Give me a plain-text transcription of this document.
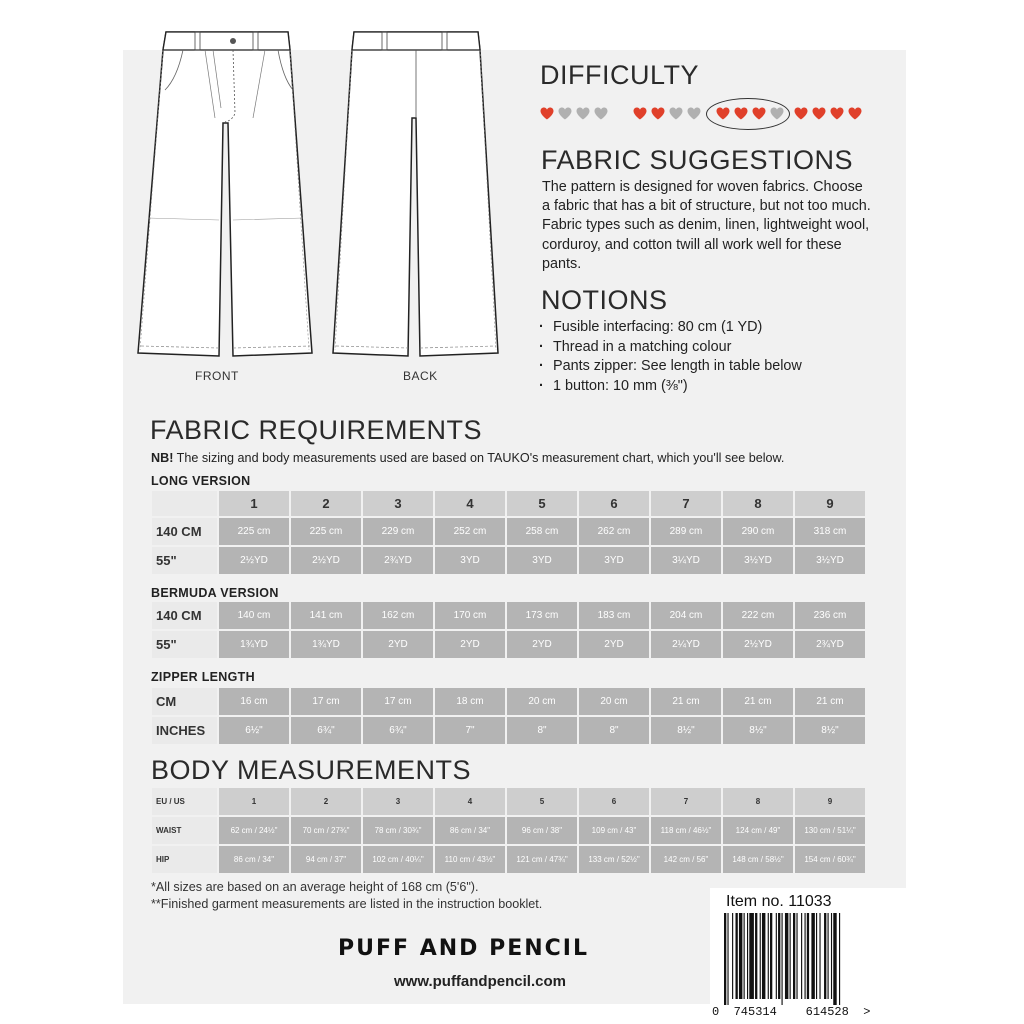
FRONT	BACK
DIFFICULTY
FABRIC SUGGESTIONS

The pattern is designed for woven fabrics. Choose a fabric that has a bit of structure, but not too much. Fabric types such as denim, linen, lightweight wool, corduroy, and cotton twill all work well for these pants.

NOTIONS
· Fusible interfacing: 80 cm (1 YD)
· Thread in a matching colour
· Pants zipper: See length in table below
· 1 button: 10 mm (⅜")
FABRIC REQUIREMENTS
NB! The sizing and body measurements used are based on TAUKO's measurement chart, which you'll see below.
LONG VERSION
	1	2	3	4	5	6	7	8	9
140 CM	225 cm	225 cm	229 cm	252 cm	258 cm	262 cm	289 cm	290 cm	318 cm
55"	2½YD	2½YD	2¾YD	3YD	3YD	3YD	3¼YD	3½YD	3½YD
BERMUDA VERSION
140 CM	140 cm	141 cm	162 cm	170 cm	173 cm	183 cm	204 cm	222 cm	236 cm
55"	1¾YD	1¾YD	2YD	2YD	2YD	2YD	2¼YD	2½YD	2¾YD
ZIPPER LENGTH
CM	16 cm	17 cm	17 cm	18 cm	20 cm	20 cm	21 cm	21 cm	21 cm
INCHES	6½"	6¾"	6¾"	7"	8"	8"	8½"	8½"	8½"
BODY MEASUREMENTS
EU / US	1	2	3	4	5	6	7	8	9
WAIST	62 cm / 24½"	70 cm / 27¾"	78 cm / 30¾"	86 cm / 34"	96 cm / 38"	109 cm / 43"	118 cm / 46½"	124 cm / 49"	130 cm / 51¼"
HIP	86 cm / 34"	94 cm / 37"	102 cm / 40¼"	110 cm / 43½"	121 cm / 47¾"	133 cm / 52½"	142 cm / 56"	148 cm / 58½"	154 cm / 60¾"
*All sizes are based on an average height of 168 cm (5'6").
**Finished garment measurements are listed in the instruction booklet.
PUFF AND PENCIL
www.puffandpencil.com
Item no. 11033
0  745314    614528  >
